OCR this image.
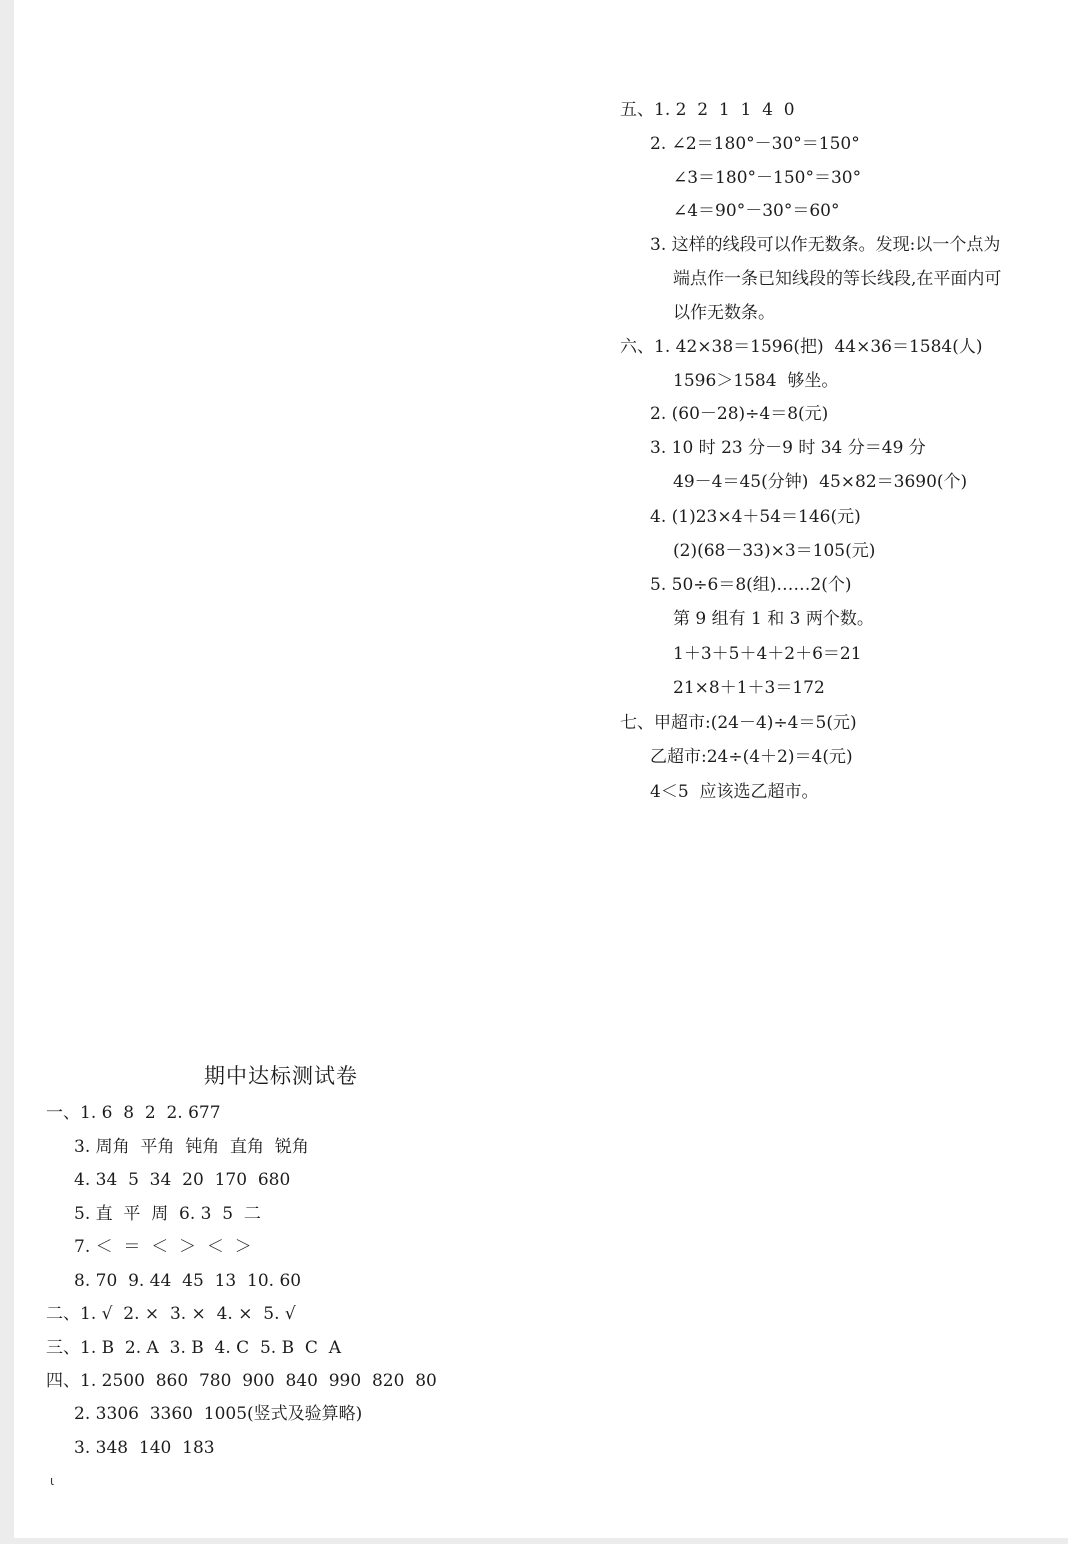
五、1. 2  2  1  1  4  0
2. ∠2＝180°－30°＝150°
∠3＝180°－150°＝30°
∠4＝90°－30°＝60°
3. 这样的线段可以作无数条。发现:以一个点为
端点作一条已知线段的等长线段,在平面内可
以作无数条。
六、1. 42×38＝1596(把)  44×36＝1584(人)
1596＞1584  够坐。
2. (60－28)÷4＝8(元)
3. 10 时 23 分－9 时 34 分＝49 分
49－4＝45(分钟)  45×82＝3690(个)
4. (1)23×4＋54＝146(元)
(2)(68－33)×3＝105(元)
5. 50÷6＝8(组)……2(个)
第 9 组有 1 和 3 两个数。
1＋3＋5＋4＋2＋6＝21
21×8＋1＋3＝172
七、甲超市:(24－4)÷4＝5(元)
乙超市:24÷(4＋2)＝4(元)
4＜5  应该选乙超市。
期中达标测试卷
一、1. 6  8  2  2. 677
3. 周角  平角  钝角  直角  锐角
4. 34  5  34  20  170  680
5. 直  平  周  6. 3  5  二
7. ＜  ＝  ＜  ＞  ＜  ＞
8. 70  9. 44  45  13  10. 60
二、1. √  2. ×  3. ×  4. ×  5. √
三、1. B  2. A  3. B  4. C  5. B  C  A
四、1. 2500  860  780  900  840  990  820  80
2. 3306  3360  1005(竖式及验算略)
3. 348  140  183
ι
